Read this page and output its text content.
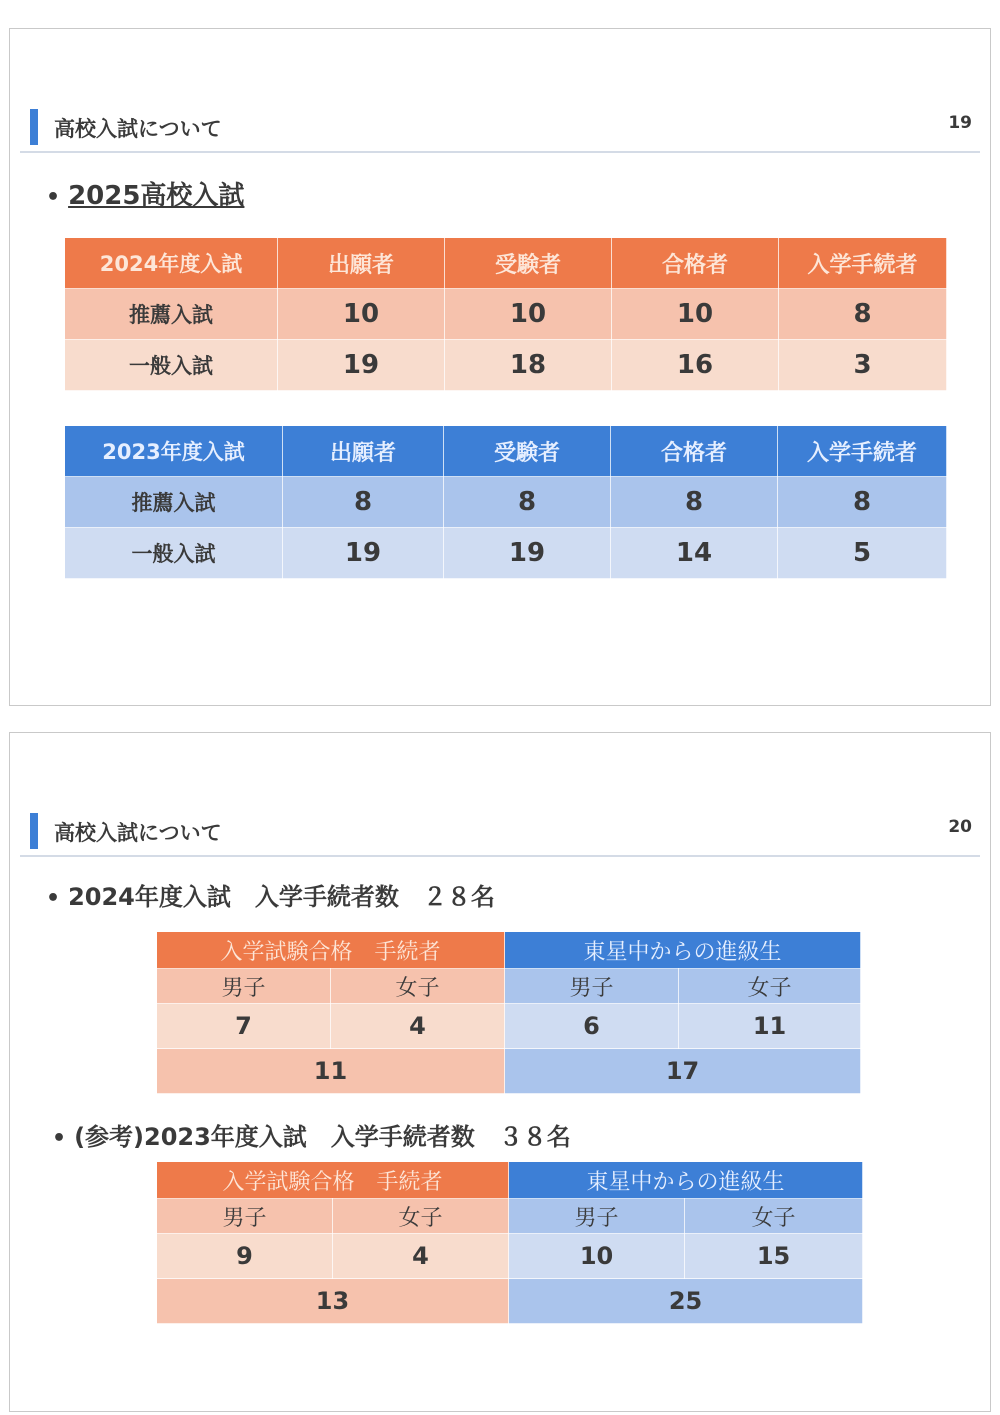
高校入試について	19
• 2025高校入試
2024年度入試	出願者	受験者	合格者	入学手続者
推薦入試	10	10	10	8
一般入試	19	18	16	3
2023年度入試	出願者	受験者	合格者	入学手続者
推薦入試	8	8	8	8
一般入試	19	19	14	5
高校入試について	20
• 2024年度入試　入学手続者数　２８名
入学試験合格　手続者		東星中からの進級生	
男子	女子	男子	女子
7	4	6	11
11		17	
• (参考)2023年度入試　入学手続者数　３８名
入学試験合格　手続者		東星中からの進級生	
男子	女子	男子	女子
9	4	10	15
13		25	
